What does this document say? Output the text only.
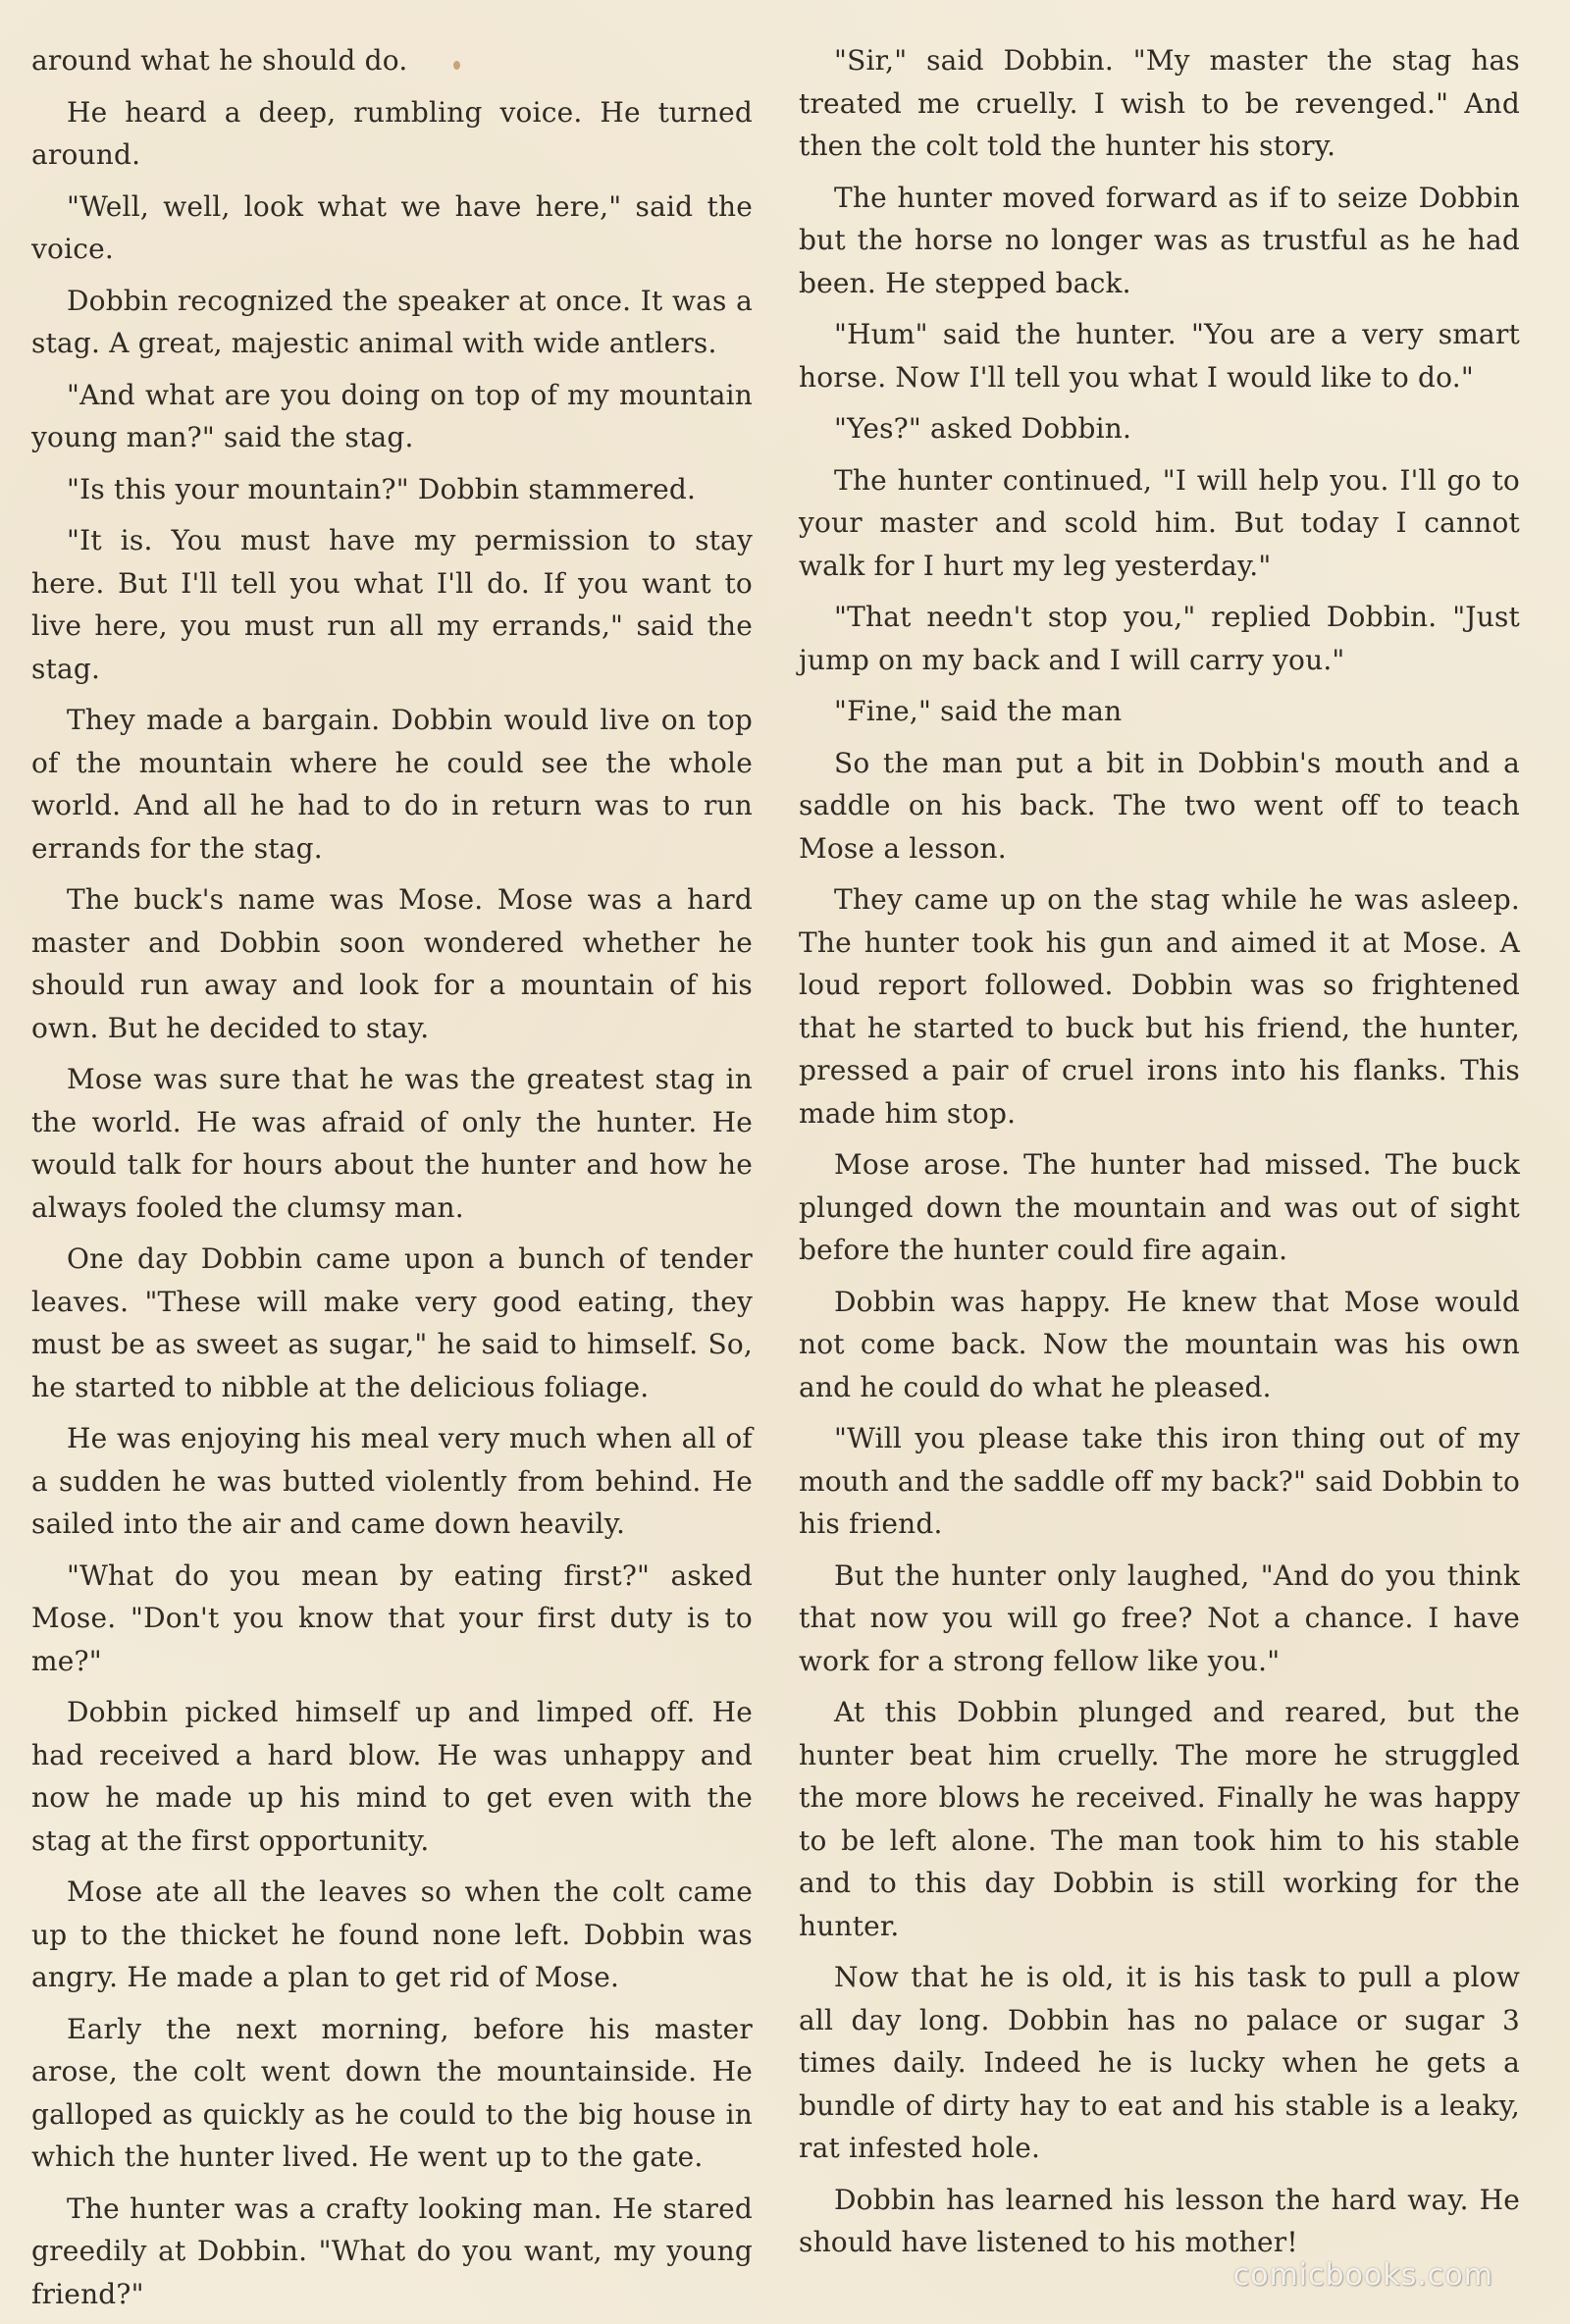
around what he should do.

He heard a deep, rumbling voice. He turned around.

"Well, well, look what we have here," said the voice.

Dobbin recognized the speaker at once. It was a stag. A great, majestic animal with wide antlers.

"And what are you doing on top of my mountain young man?" said the stag.

"Is this your mountain?" Dobbin stammered.

"It is. You must have my permission to stay here. But I'll tell you what I'll do. If you want to live here, you must run all my errands," said the stag.

They made a bargain. Dobbin would live on top of the mountain where he could see the whole world. And all he had to do in return was to run errands for the stag.

The buck's name was Mose. Mose was a hard master and Dobbin soon wondered whether he should run away and look for a mountain of his own. But he decided to stay.

Mose was sure that he was the greatest stag in the world. He was afraid of only the hunter. He would talk for hours about the hunter and how he always fooled the clumsy man.

One day Dobbin came upon a bunch of tender leaves. "These will make very good eating, they must be as sweet as sugar," he said to himself. So, he started to nibble at the delicious foliage.

He was enjoying his meal very much when all of a sudden he was butted violently from behind. He sailed into the air and came down heavily.

"What do you mean by eating first?" asked Mose. "Don't you know that your first duty is to me?"

Dobbin picked himself up and limped off. He had received a hard blow. He was unhappy and now he made up his mind to get even with the stag at the first opportunity.

Mose ate all the leaves so when the colt came up to the thicket he found none left. Dobbin was angry. He made a plan to get rid of Mose.

Early the next morning, before his master arose, the colt went down the mountainside. He galloped as quickly as he could to the big house in which the hunter lived. He went up to the gate.

The hunter was a crafty looking man. He stared greedily at Dobbin. "What do you want, my young friend?"

"Sir," said Dobbin. "My master the stag has treated me cruelly. I wish to be revenged." And then the colt told the hunter his story.

The hunter moved forward as if to seize Dobbin but the horse no longer was as trustful as he had been. He stepped back.

"Hum" said the hunter. "You are a very smart horse. Now I'll tell you what I would like to do."

"Yes?" asked Dobbin.

The hunter continued, "I will help you. I'll go to your master and scold him. But today I cannot walk for I hurt my leg yesterday."

"That needn't stop you," replied Dobbin. "Just jump on my back and I will carry you."

"Fine," said the man

So the man put a bit in Dobbin's mouth and a saddle on his back. The two went off to teach Mose a lesson.

They came up on the stag while he was asleep. The hunter took his gun and aimed it at Mose. A loud report followed. Dobbin was so frightened that he started to buck but his friend, the hunter, pressed a pair of cruel irons into his flanks. This made him stop.

Mose arose. The hunter had missed. The buck plunged down the mountain and was out of sight before the hunter could fire again.

Dobbin was happy. He knew that Mose would not come back. Now the mountain was his own and he could do what he pleased.

"Will you please take this iron thing out of my mouth and the saddle off my back?" said Dobbin to his friend.

But the hunter only laughed, "And do you think that now you will go free? Not a chance. I have work for a strong fellow like you."

At this Dobbin plunged and reared, but the hunter beat him cruelly. The more he struggled the more blows he received. Finally he was happy to be left alone. The man took him to his stable and to this day Dobbin is still working for the hunter.

Now that he is old, it is his task to pull a plow all day long. Dobbin has no palace or sugar 3 times daily. Indeed he is lucky when he gets a bundle of dirty hay to eat and his stable is a leaky, rat infested hole.

Dobbin has learned his lesson the hard way. He should have listened to his mother!

comicbooks.com
